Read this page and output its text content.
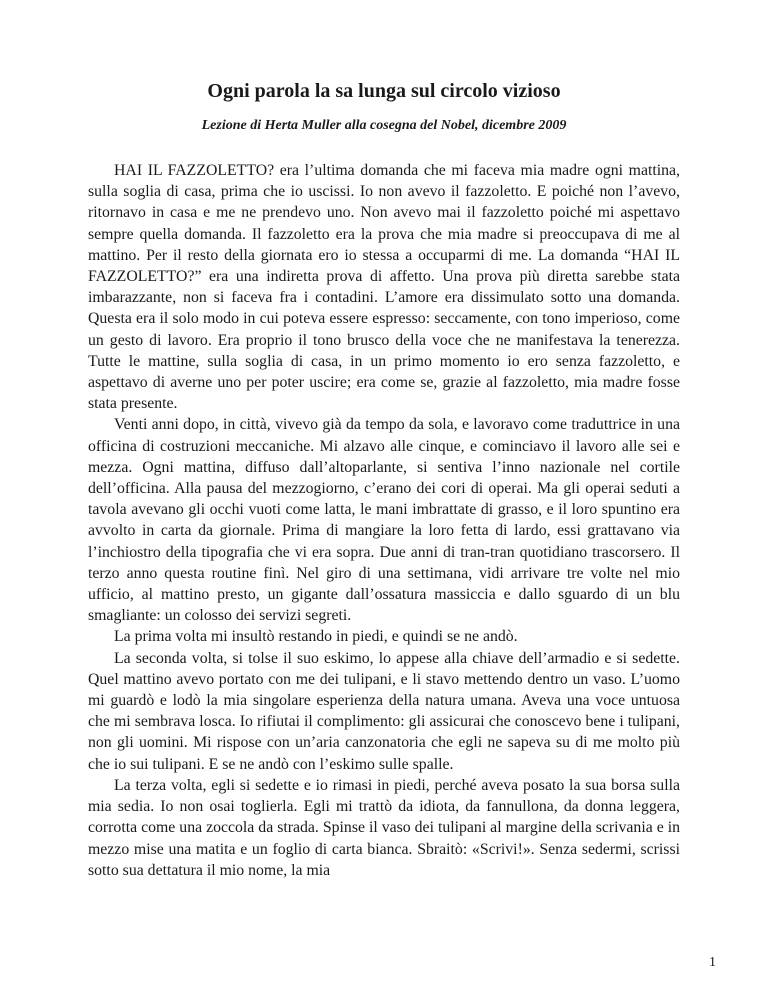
Ogni parola la sa lunga sul circolo vizioso
Lezione di Herta Muller alla cosegna del Nobel, dicembre 2009

HAI IL FAZZOLETTO? era l’ultima domanda che mi faceva mia madre ogni mattina, sulla soglia di casa, prima che io uscissi. Io non avevo il fazzoletto. E poiché non l’avevo, ritornavo in casa e me ne prendevo uno. Non avevo mai il fazzoletto poiché mi aspettavo sempre quella domanda. Il fazzoletto era la prova che mia madre si preoccupava di me al mattino. Per il resto della giornata ero io stessa a occuparmi di me. La domanda “HAI IL FAZZOLETTO?” era una indiretta prova di affetto. Una prova più diretta sarebbe stata imbarazzante, non si faceva fra i contadini. L’amore era dissimulato sotto una domanda. Questa era il solo modo in cui poteva essere espresso: seccamente, con tono imperioso, come un gesto di lavoro. Era proprio il tono brusco della voce che ne manifestava la tenerezza. Tutte le mattine, sulla soglia di casa, in un primo momento io ero senza fazzoletto, e aspettavo di averne uno per poter uscire; era come se, grazie al fazzoletto, mia madre fosse stata presente.

Venti anni dopo, in città, vivevo già da tempo da sola, e lavoravo come traduttrice in una officina di costruzioni meccaniche. Mi alzavo alle cinque, e cominciavo il lavoro alle sei e mezza. Ogni mattina, diffuso dall’altoparlante, si sentiva l’inno nazionale nel cortile dell’officina. Alla pausa del mezzogiorno, c’erano dei cori di operai. Ma gli operai seduti a tavola avevano gli occhi vuoti come latta, le mani imbrattate di grasso, e il loro spuntino era avvolto in carta da giornale. Prima di mangiare la loro fetta di lardo, essi grattavano via l’inchiostro della tipografia che vi era sopra. Due anni di tran-tran quotidiano trascorsero. Il terzo anno questa routine finì. Nel giro di una settimana, vidi arrivare tre volte nel mio ufficio, al mattino presto, un gigante dall’ossatura massiccia e dallo sguardo di un blu smagliante: un colosso dei servizi segreti.

La prima volta mi insultò restando in piedi, e quindi se ne andò.

La seconda volta, si tolse il suo eskimo, lo appese alla chiave dell’armadio e si sedette. Quel mattino avevo portato con me dei tulipani, e li stavo mettendo dentro un vaso. L’uomo mi guardò e lodò la mia singolare esperienza della natura umana. Aveva una voce untuosa che mi sembrava losca. Io rifiutai il complimento: gli assicurai che conoscevo bene i tulipani, non gli uomini. Mi rispose con un’aria canzonatoria che egli ne sapeva su di me molto più che io sui tulipani. E se ne andò con l’eskimo sulle spalle.

La terza volta, egli si sedette e io rimasi in piedi, perché aveva posato la sua borsa sulla mia sedia. Io non osai toglierla. Egli mi trattò da idiota, da fannullona, da donna leggera, corrotta come una zoccola da strada. Spinse il vaso dei tulipani al margine della scrivania e in mezzo mise una matita e un foglio di carta bianca. Sbraitò: «Scrivi!». Senza sedermi, scrissi sotto sua dettatura il mio nome, la mia

1
